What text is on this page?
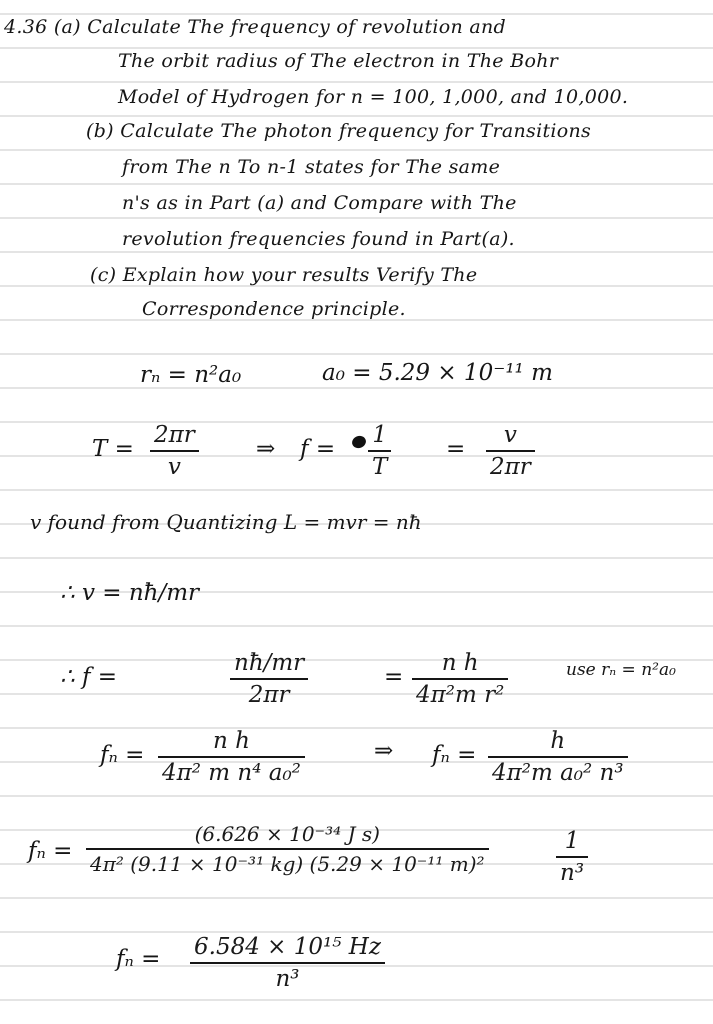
4.36 (a) Calculate The frequency of revolution and
The orbit radius of The electron in The Bohr
Model of Hydrogen for n = 100, 1,000, and 10,000.
(b) Calculate The photon frequency for Transitions
from The n To n-1 states for The same
n's as in Part (a) and Compare with The
revolution frequencies found in Part(a).
(c) Explain how your results Verify The
Correspondence principle.
rₙ = n²a₀	a₀ = 5.29 × 10⁻¹¹ m
T =
2πr
v
⇒ f =
1
T
=
v
2πr
v found from Quantizing L = mvr = nħ
∴ v = nħ/mr
∴ f =
nħ/mr
2πr
=
n h
4π²m r²
use rₙ = n²a₀
fₙ =
n h
4π² m n⁴ a₀²
⇒ fₙ =
h
4π²m a₀² n³
fₙ =
(6.626 × 10⁻³⁴ J s)
4π² (9.11 × 10⁻³¹ kg) (5.29 × 10⁻¹¹ m)²
1
n³
fₙ = 6.584 × 10¹⁵ Hz
n³
